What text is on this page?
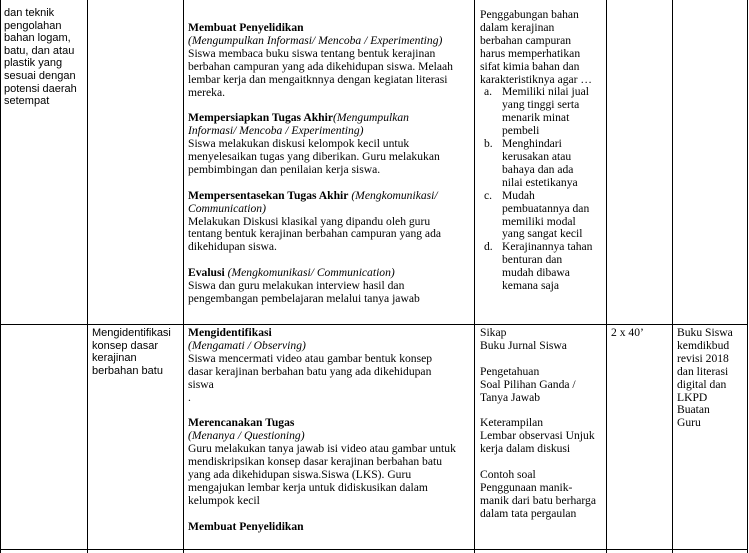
dan teknik pengolahan bahan logam, batu, dan atau plastik yang sesuai dengan potensi daerah setempat
Membuat Penyelidikan
(Mengumpulkan Informasi/ Mencoba / Experimenting)
Siswa membaca buku siswa tentang bentuk kerajinan
berbahan campuran yang ada dikehidupan siswa. Melaah
lembar kerja dan mengaitknnya dengan kegiatan literasi
mereka.
Mempersiapkan Tugas Akhir(Mengumpulkan
Informasi/ Mencoba / Experimenting)
Siswa melakukan diskusi kelompok kecil untuk
menyelesaikan tugas yang diberikan. Guru melakukan
pembimbingan dan penilaian kerja siswa.
Mempersentasekan Tugas Akhir (Mengkomunikasi/
Communication)
Melakukan Diskusi klasikal yang dipandu oleh guru
tentang bentuk kerajinan berbahan campuran yang ada
dikehidupan siswa.
Evalusi (Mengkomunikasi/ Communication)
Siswa dan guru melakukan interview hasil dan
pengembangan pembelajaran melalui tanya jawab
Penggabungan bahan
dalam kerajinan
berbahan campuran
harus memperhatikan
sifat kimia bahan dan
karakteristiknya agar …
a. Memiliki nilai jual
yang tinggi serta
menarik minat
pembeli
b. Menghindari
kerusakan atau
bahaya dan ada
nilai estetikanya
c. Mudah
pembuatannya dan
memiliki modal
yang sangat kecil
d. Kerajinannya tahan
benturan dan
mudah dibawa
kemana saja
Mengidentifikasi
konsep dasar
kerajinan
berbahan batu
Mengidentifikasi
(Mengamati / Observing)
Siswa mencermati video atau gambar bentuk konsep
dasar kerajinan berbahan batu yang ada dikehidupan
siswa
.
Merencanakan Tugas
(Menanya / Questioning)
Guru melakukan tanya jawab isi video atau gambar untuk
mendiskripsikan konsep dasar kerajinan berbahan batu
yang ada dikehidupan siswa.Siswa (LKS). Guru
mengajukan lembar kerja untuk didiskusikan dalam
kelumpok kecil
Membuat Penyelidikan
Sikap
Buku Jurnal Siswa
Pengetahuan
Soal Pilihan Ganda /
Tanya Jawab
Keterampilan
Lembar observasi Unjuk
kerja dalam diskusi
Contoh soal
Penggunaan manik-
manik dari batu berharga
dalam tata pergaulan
2 x 40’	Buku Siswa
kemdikbud
revisi 2018
dan literasi
digital dan
LKPD
Buatan
Guru
